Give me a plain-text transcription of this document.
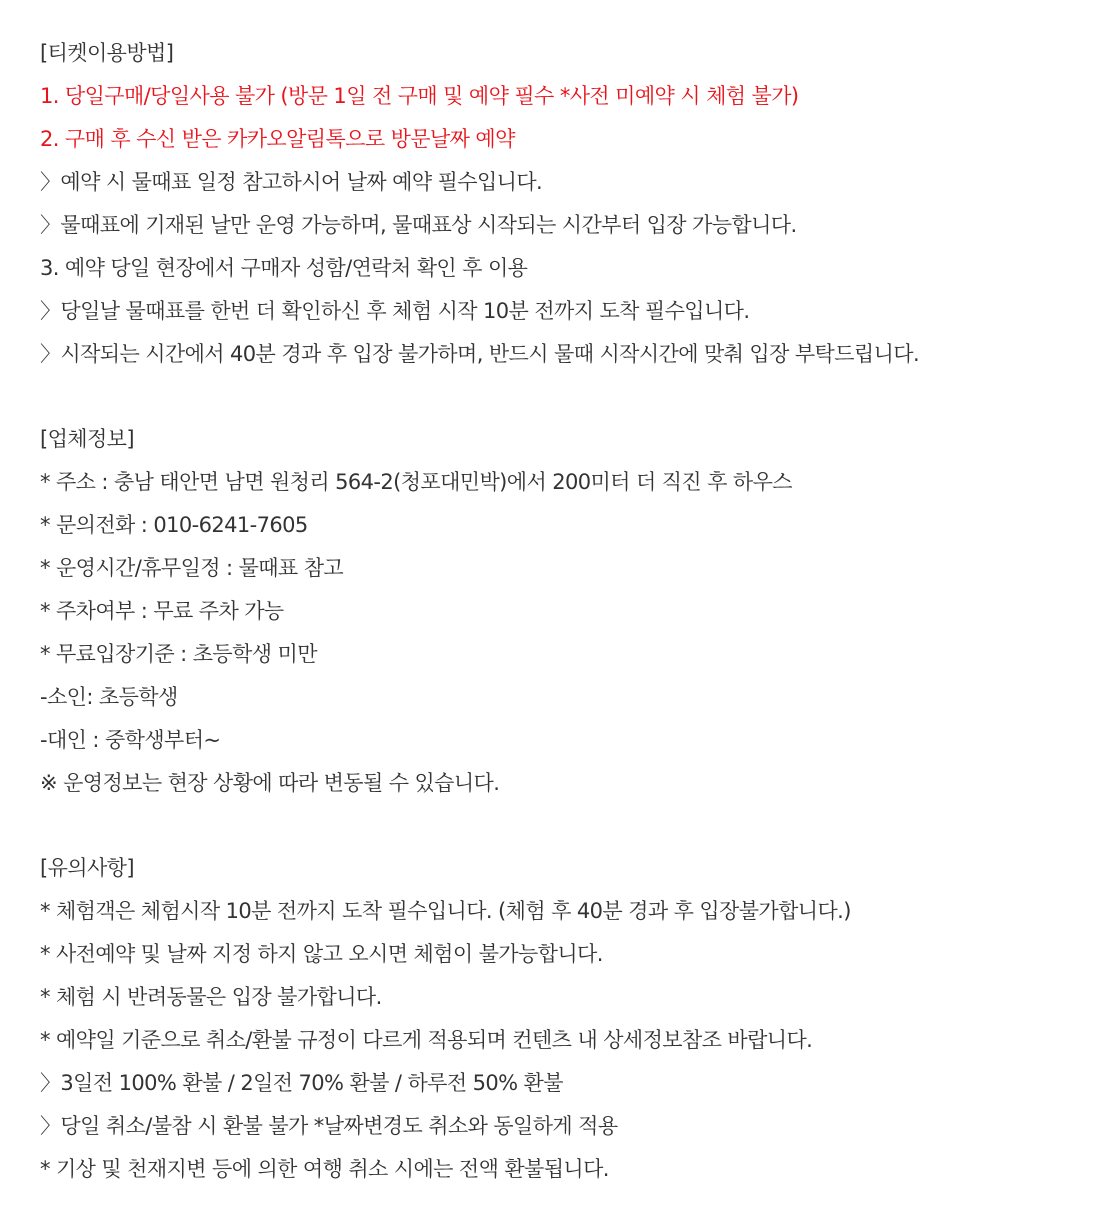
[티켓이용방법]
1. 당일구매/당일사용 불가 (방문 1일 전 구매 및 예약 필수 *사전 미예약 시 체험 불가)
2. 구매 후 수신 받은 카카오알림톡으로 방문날짜 예약
〉예약 시 물때표 일정 참고하시어 날짜 예약 필수입니다.
〉물때표에 기재된 날만 운영 가능하며, 물때표상 시작되는 시간부터 입장 가능합니다.
3. 예약 당일 현장에서 구매자 성함/연락처 확인 후 이용
〉당일날 물때표를 한번 더 확인하신 후 체험 시작 10분 전까지 도착 필수입니다.
〉시작되는 시간에서 40분 경과 후 입장 불가하며, 반드시 물때 시작시간에 맞춰 입장 부탁드립니다.
[업체정보]
* 주소 : 충남 태안면 남면 원청리 564-2(청포대민박)에서 200미터 더 직진 후 하우스
* 문의전화 : 010-6241-7605
* 운영시간/휴무일정 : 물때표 참고
* 주차여부 : 무료 주차 가능
* 무료입장기준 : 초등학생 미만
-소인: 초등학생
-대인 : 중학생부터~
※ 운영정보는 현장 상황에 따라 변동될 수 있습니다.
[유의사항]
* 체험객은 체험시작 10분 전까지 도착 필수입니다. (체험 후 40분 경과 후 입장불가합니다.)
* 사전예약 및 날짜 지정 하지 않고 오시면 체험이 불가능합니다.
* 체험 시 반려동물은 입장 불가합니다.
* 예약일 기준으로 취소/환불 규정이 다르게 적용되며 컨텐츠 내 상세정보참조 바랍니다.
〉3일전 100% 환불 / 2일전 70% 환불 / 하루전 50% 환불
〉당일 취소/불참 시 환불 불가 *날짜변경도 취소와 동일하게 적용
* 기상 및 천재지변 등에 의한 여행 취소 시에는 전액 환불됩니다.
